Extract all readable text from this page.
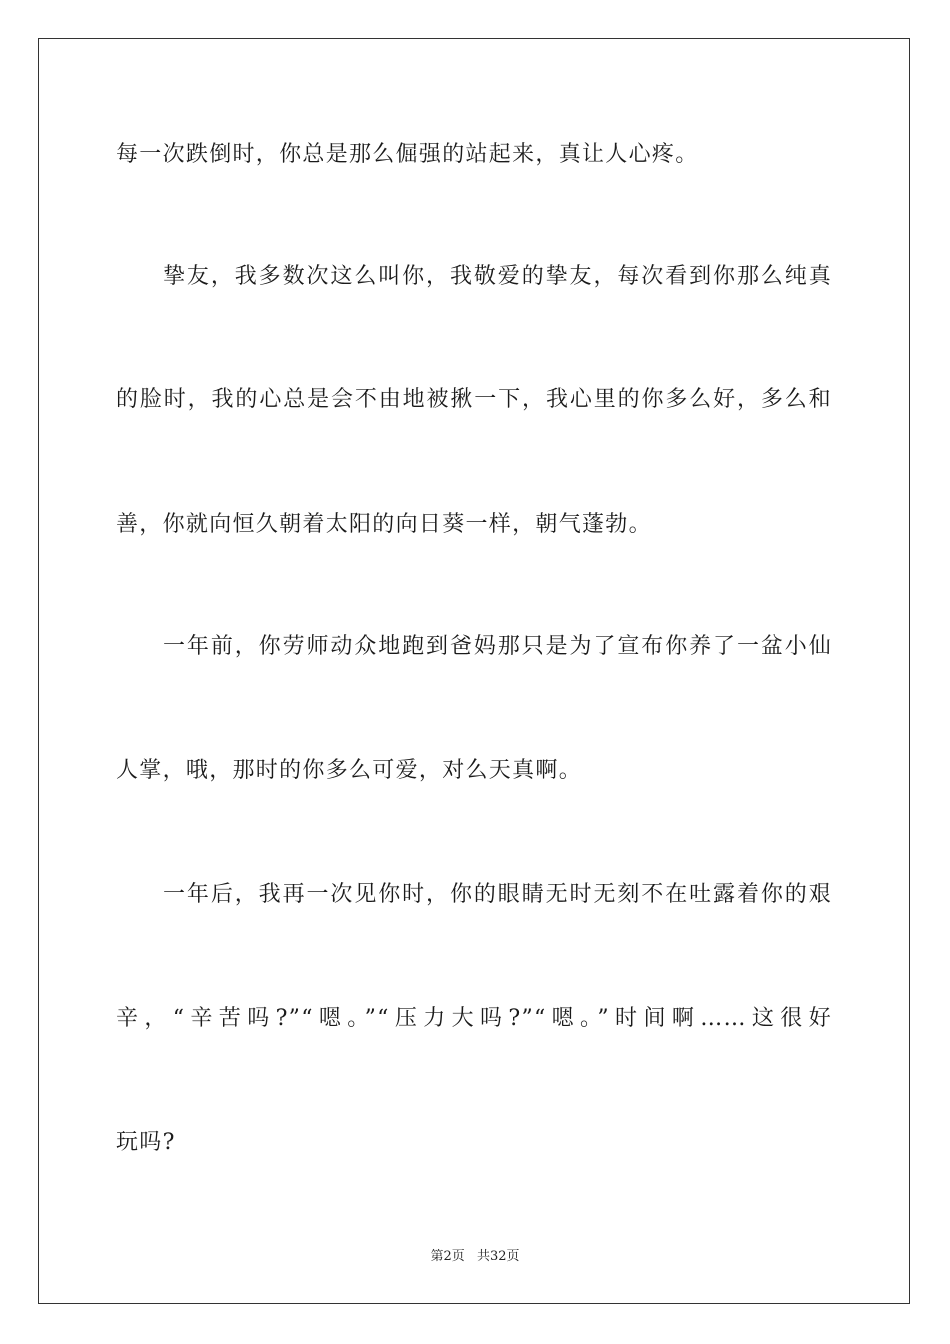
每一次跌倒时，你总是那么倔强的站起来，真让人心疼。
挚友，我多数次这么叫你，我敬爱的挚友，每次看到你那么纯真
的脸时，我的心总是会不由地被揪一下，我心里的你多么好，多么和
善，你就向恒久朝着太阳的向日葵一样，朝气蓬勃。
一年前，你劳师动众地跑到爸妈那只是为了宣布你养了一盆小仙
人掌，哦，那时的你多么可爱，对么天真啊。
一年后，我再一次见你时，你的眼睛无时无刻不在吐露着你的艰
辛，“辛苦吗?”“嗯。”“压力大吗?”“嗯。”时间啊……这很好
玩吗?
第2页 共32页
